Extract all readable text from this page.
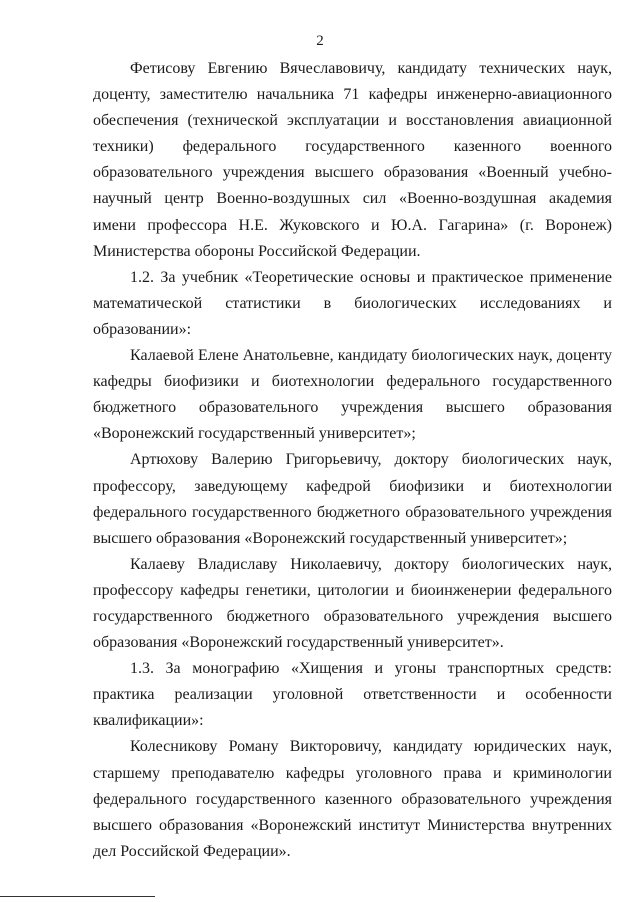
2

Фетисову Евгению Вячеславовичу, кандидату технических наук, доценту, заместителю начальника 71 кафедры инженерно-авиационного обеспечения (технической эксплуатации и восстановления авиационной техники) федерального государственного казенного военного образовательного учреждения высшего образования «Военный учебно-научный центр Военно-воздушных сил «Военно-воздушная академия имени профессора Н.Е. Жуковского и Ю.А. Гагарина» (г. Воронеж) Министерства обороны Российской Федерации.

1.2. За учебник «Теоретические основы и практическое применение математической статистики в биологических исследованиях и образовании»:

Калаевой Елене Анатольевне, кандидату биологических наук, доценту кафедры биофизики и биотехнологии федерального государственного бюджетного образовательного учреждения высшего образования «Воронежский государственный университет»;

Артюхову Валерию Григорьевичу, доктору биологических наук, профессору, заведующему кафедрой биофизики и биотехнологии федерального государственного бюджетного образовательного учреждения высшего образования «Воронежский государственный университет»;

Калаеву Владиславу Николаевичу, доктору биологических наук, профессору кафедры генетики, цитологии и биоинженерии федерального государственного бюджетного образовательного учреждения высшего образования «Воронежский государственный университет».

1.3. За монографию «Хищения и угоны транспортных средств: практика реализации уголовной ответственности и особенности квалификации»:

Колесникову Роману Викторовичу, кандидату юридических наук, старшему преподавателю кафедры уголовного права и криминологии федерального государственного казенного образовательного учреждения высшего образования «Воронежский институт Министерства внутренних дел Российской Федерации».
